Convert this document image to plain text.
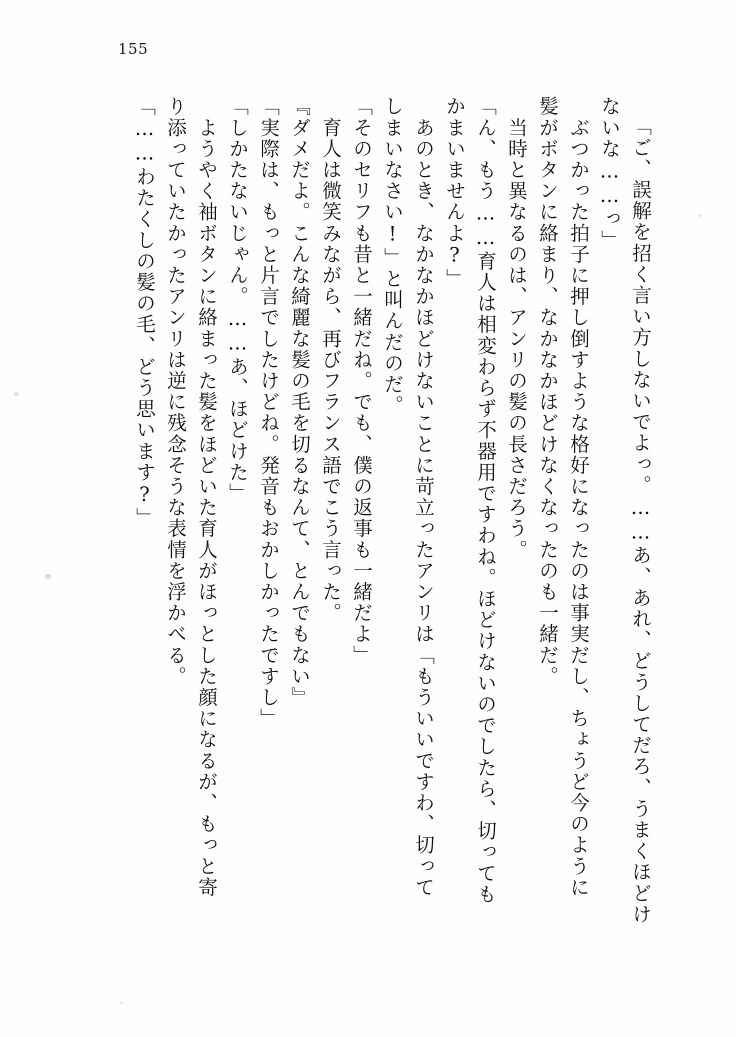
155
「ご、誤解を招く言い方しないでよっ。……あ、あれ、どうしてだろ、うまくほどけ
ないな……っ」
　ぶつかった拍子に押し倒すような格好になったのは事実だし、ちょうど今のように
髪がボタンに絡まり、なかなかほどけなくなったのも一緒だ。
　当時と異なるのは、アンリの髪の長さだろう。
「ん、もう……育人は相変わらず不器用ですわね。ほどけないのでしたら、切っても
かまいませんよ?」
　あのとき、なかなかほどけないことに苛立ったアンリは「もういいですわ、切って
しまいなさい!」と叫んだのだ。
「そのセリフも昔と一緒だね。でも、僕の返事も一緒だよ」
　育人は微笑みながら、再びフランス語でこう言った。
『ダメだよ。こんな綺麗な髪の毛を切るなんて、とんでもない』
「実際は、もっと片言でしたけどね。発音もおかしかったですし」
「しかたないじゃん。……あ、ほどけた」
　ようやく袖ボタンに絡まった髪をほどいた育人がほっとした顔になるが、もっと寄
り添っていたかったアンリは逆に残念そうな表情を浮かべる。
「……わたくしの髪の毛、どう思います?」
